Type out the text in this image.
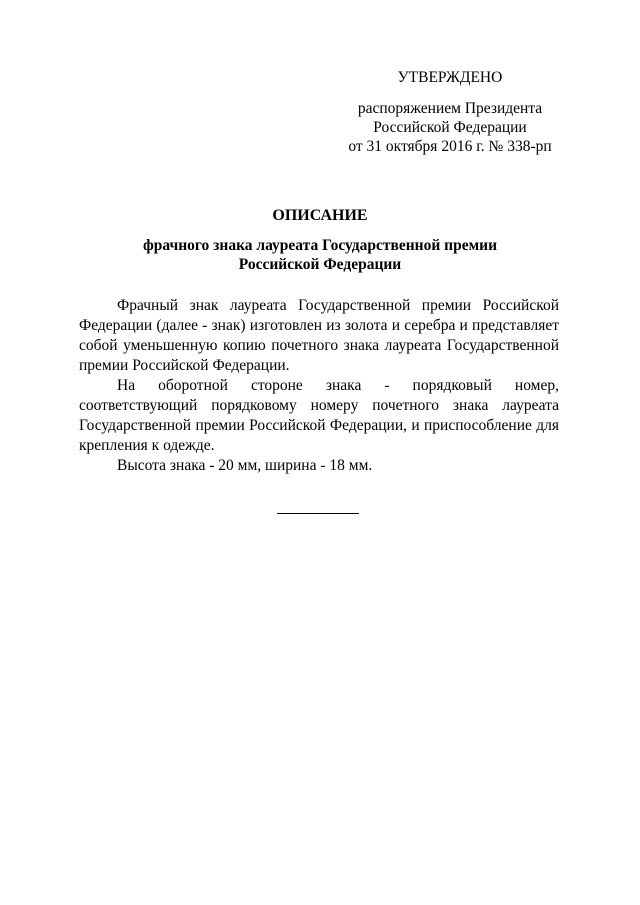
УТВЕРЖДЕНО
распоряжением Президента
Российской Федерации
от 31 октября 2016 г. № 338-рп
ОПИСАНИЕ
фрачного знака лауреата Государственной премии
Российской Федерации

Фрачный знак лауреата Государственной премии Российской Федерации (далее - знак) изготовлен из золота и серебра и представляет собой уменьшенную копию почетного знака лауреата Государственной премии Российской Федерации.

На оборотной стороне знака - порядковый номер, соответствующий порядковому номеру почетного знака лауреата Государственной премии Российской Федерации, и приспособление для крепления к одежде.

Высота знака - 20 мм, ширина - 18 мм.
